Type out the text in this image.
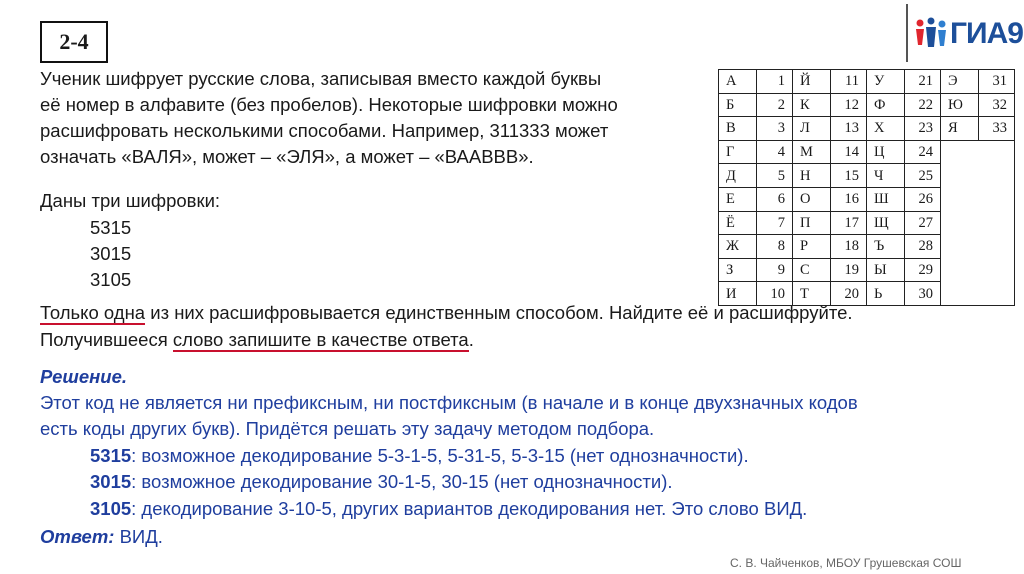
2-4	ГИА9
Ученик шифрует русские слова, записывая вместо каждой буквы
её номер в алфавите (без пробелов). Некоторые шифровки можно
расшифровать несколькими способами. Например, 311333 может
означать «ВАЛЯ», может – «ЭЛЯ», а может – «ВААВВВ».
Даны три шифровки:
5315
3015
3105
Только одна из них расшифровывается единственным способом. Найдите её и расшифруйте.
Получившееся слово запишите в качестве ответа.
А	1	Й	11	У	21	Э	31
Б	2	К	12	Ф	22	Ю	32
В	3	Л	13	Х	23	Я	33
Г	4	М	14	Ц	24		
Д	5	Н	15	Ч	25		
Е	6	О	16	Ш	26		
Ё	7	П	17	Щ	27		
Ж	8	Р	18	Ъ	28		
З	9	С	19	Ы	29		
И	10	Т	20	Ь	30		
Решение.
Этот код не является ни префиксным, ни постфиксным (в начале и в конце двухзначных кодов
есть коды других букв). Придётся решать эту задачу методом подбора.
5315: возможное декодирование 5-3-1-5, 5-31-5, 5-3-15 (нет однозначности).
3015: возможное декодирование 30-1-5, 30-15 (нет однозначности).
3105: декодирование 3-10-5, других вариантов декодирования нет. Это слово ВИД.
Ответ: ВИД.
С. В. Чайченков, МБОУ Грушевская СОШ
